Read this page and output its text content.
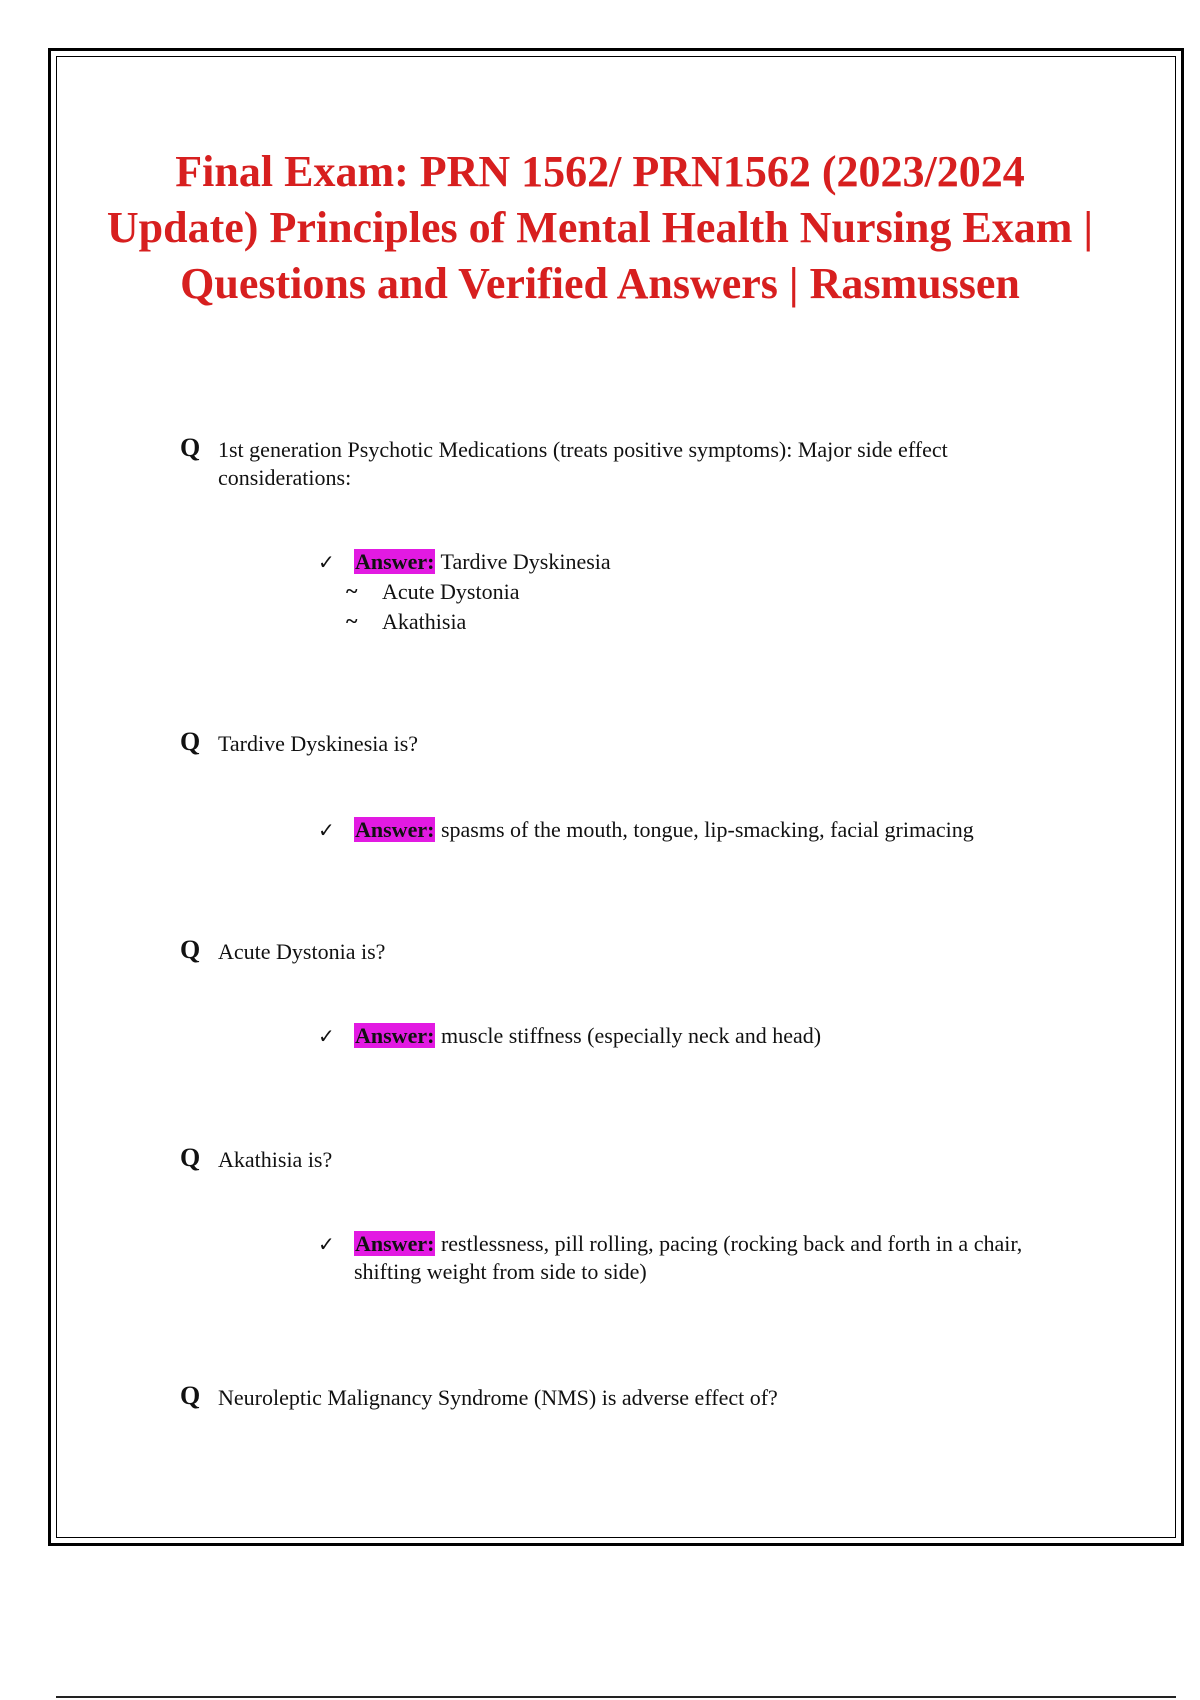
Final Exam: PRN 1562/ PRN1562 (2023/2024 Update) Principles of Mental Health Nursing Exam | Questions and Verified Answers | Rasmussen
Q 1st generation Psychotic Medications (treats positive symptoms): Major side effect considerations:
✓ Answer: Tardive Dyskinesia
~ Acute Dystonia
~ Akathisia
Q Tardive Dyskinesia is?
✓ Answer: spasms of the mouth, tongue, lip-smacking, facial grimacing
Q Acute Dystonia is?
✓ Answer: muscle stiffness (especially neck and head)
Q Akathisia is?
✓ Answer: restlessness, pill rolling, pacing (rocking back and forth in a chair, shifting weight from side to side)
Q Neuroleptic Malignancy Syndrome (NMS) is adverse effect of?
